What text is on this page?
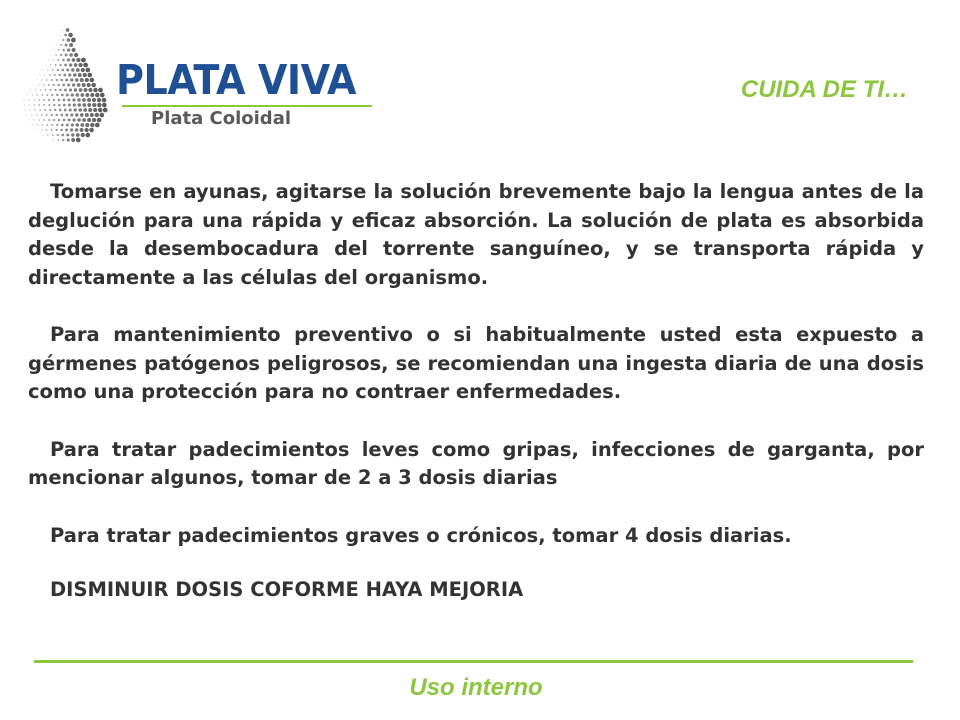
PLATA VIVA
Plata Coloidal
CUIDA DE TI…

Tomarse en ayunas, agitarse la solución brevemente bajo la lengua antes de la deglución para una rápida y eficaz absorción. La solución de plata es absorbida desde la desembocadura del torrente sanguíneo, y se transporta rápida y directamente a las células del organismo.

Para mantenimiento preventivo o si habitualmente usted esta expuesto a gérmenes patógenos peligrosos, se recomiendan una ingesta diaria de una dosis como una protección para no contraer enfermedades.

Para tratar padecimientos leves como gripas, infecciones de garganta, por mencionar algunos, tomar de 2 a 3 dosis diarias

Para tratar padecimientos graves o crónicos, tomar 4 dosis diarias.

DISMINUIR DOSIS COFORME HAYA MEJORIA

Uso interno
